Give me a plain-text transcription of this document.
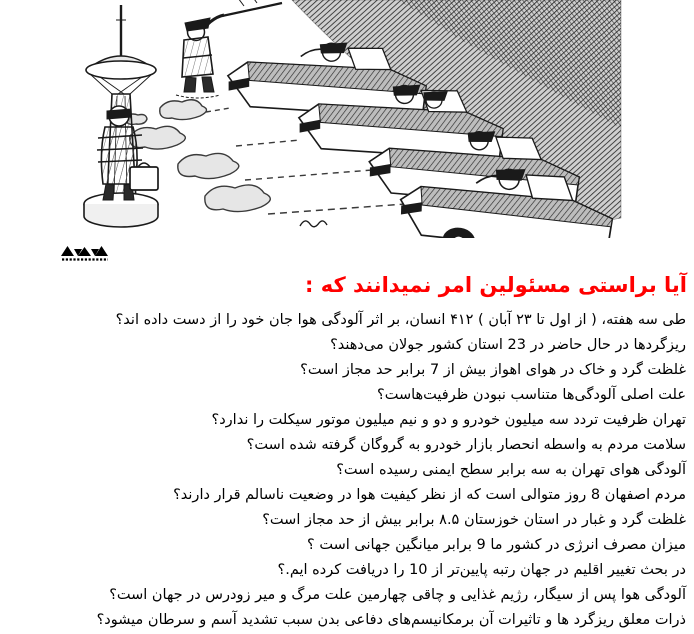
آیا براستی مسئولین امر نمیدانند که :
طی سه هفته، ( از اول تا ۲۳ آبان ) ۴۱۲ انسان، بر اثر آلودگی هوا جان خود را از دست داده اند؟
ریزگردها در حال حاضر در 23 استان کشور جولان می‌دهند؟
غلظت گرد و خاک در هوای اهواز بیش از 7 برابر حد مجاز است؟
علت اصلی آلودگی‌ها متناسب نبودن ظرفیت‌هاست؟
تهران ظرفیت تردد سه میلیون خودرو و دو و نیم میلیون موتور سیکلت را ندارد؟
سلامت مردم به واسطه انحصار بازار خودرو به گروگان گرفته شده است؟
آلودگی هوای تهران به سه برابر سطح ایمنی رسیده است؟
مردم اصفهان 8 روز متوالی است که از نظر کیفیت هوا در وضعیت ناسالم قرار دارند؟
غلظت گرد و غبار در استان خوزستان ۸.۵ برابر بیش از حد مجاز است؟
میزان مصرف انرژی در کشور ما 9 برابر میانگین جهانی است ؟
در بحث تغییر اقلیم در جهان رتبه پایین‌تر از 10 را دریافت کرده ایم.؟
آلودگی هوا پس از سیگار، رژیم غذایی و چاقی چهارمین علت مرگ و میر زودرس در جهان است؟
ذرات معلق ریزگرد ها و تاثیرات آن برمکانیسم‌های دفاعی بدن سبب تشدید آسم و سرطان میشود؟
